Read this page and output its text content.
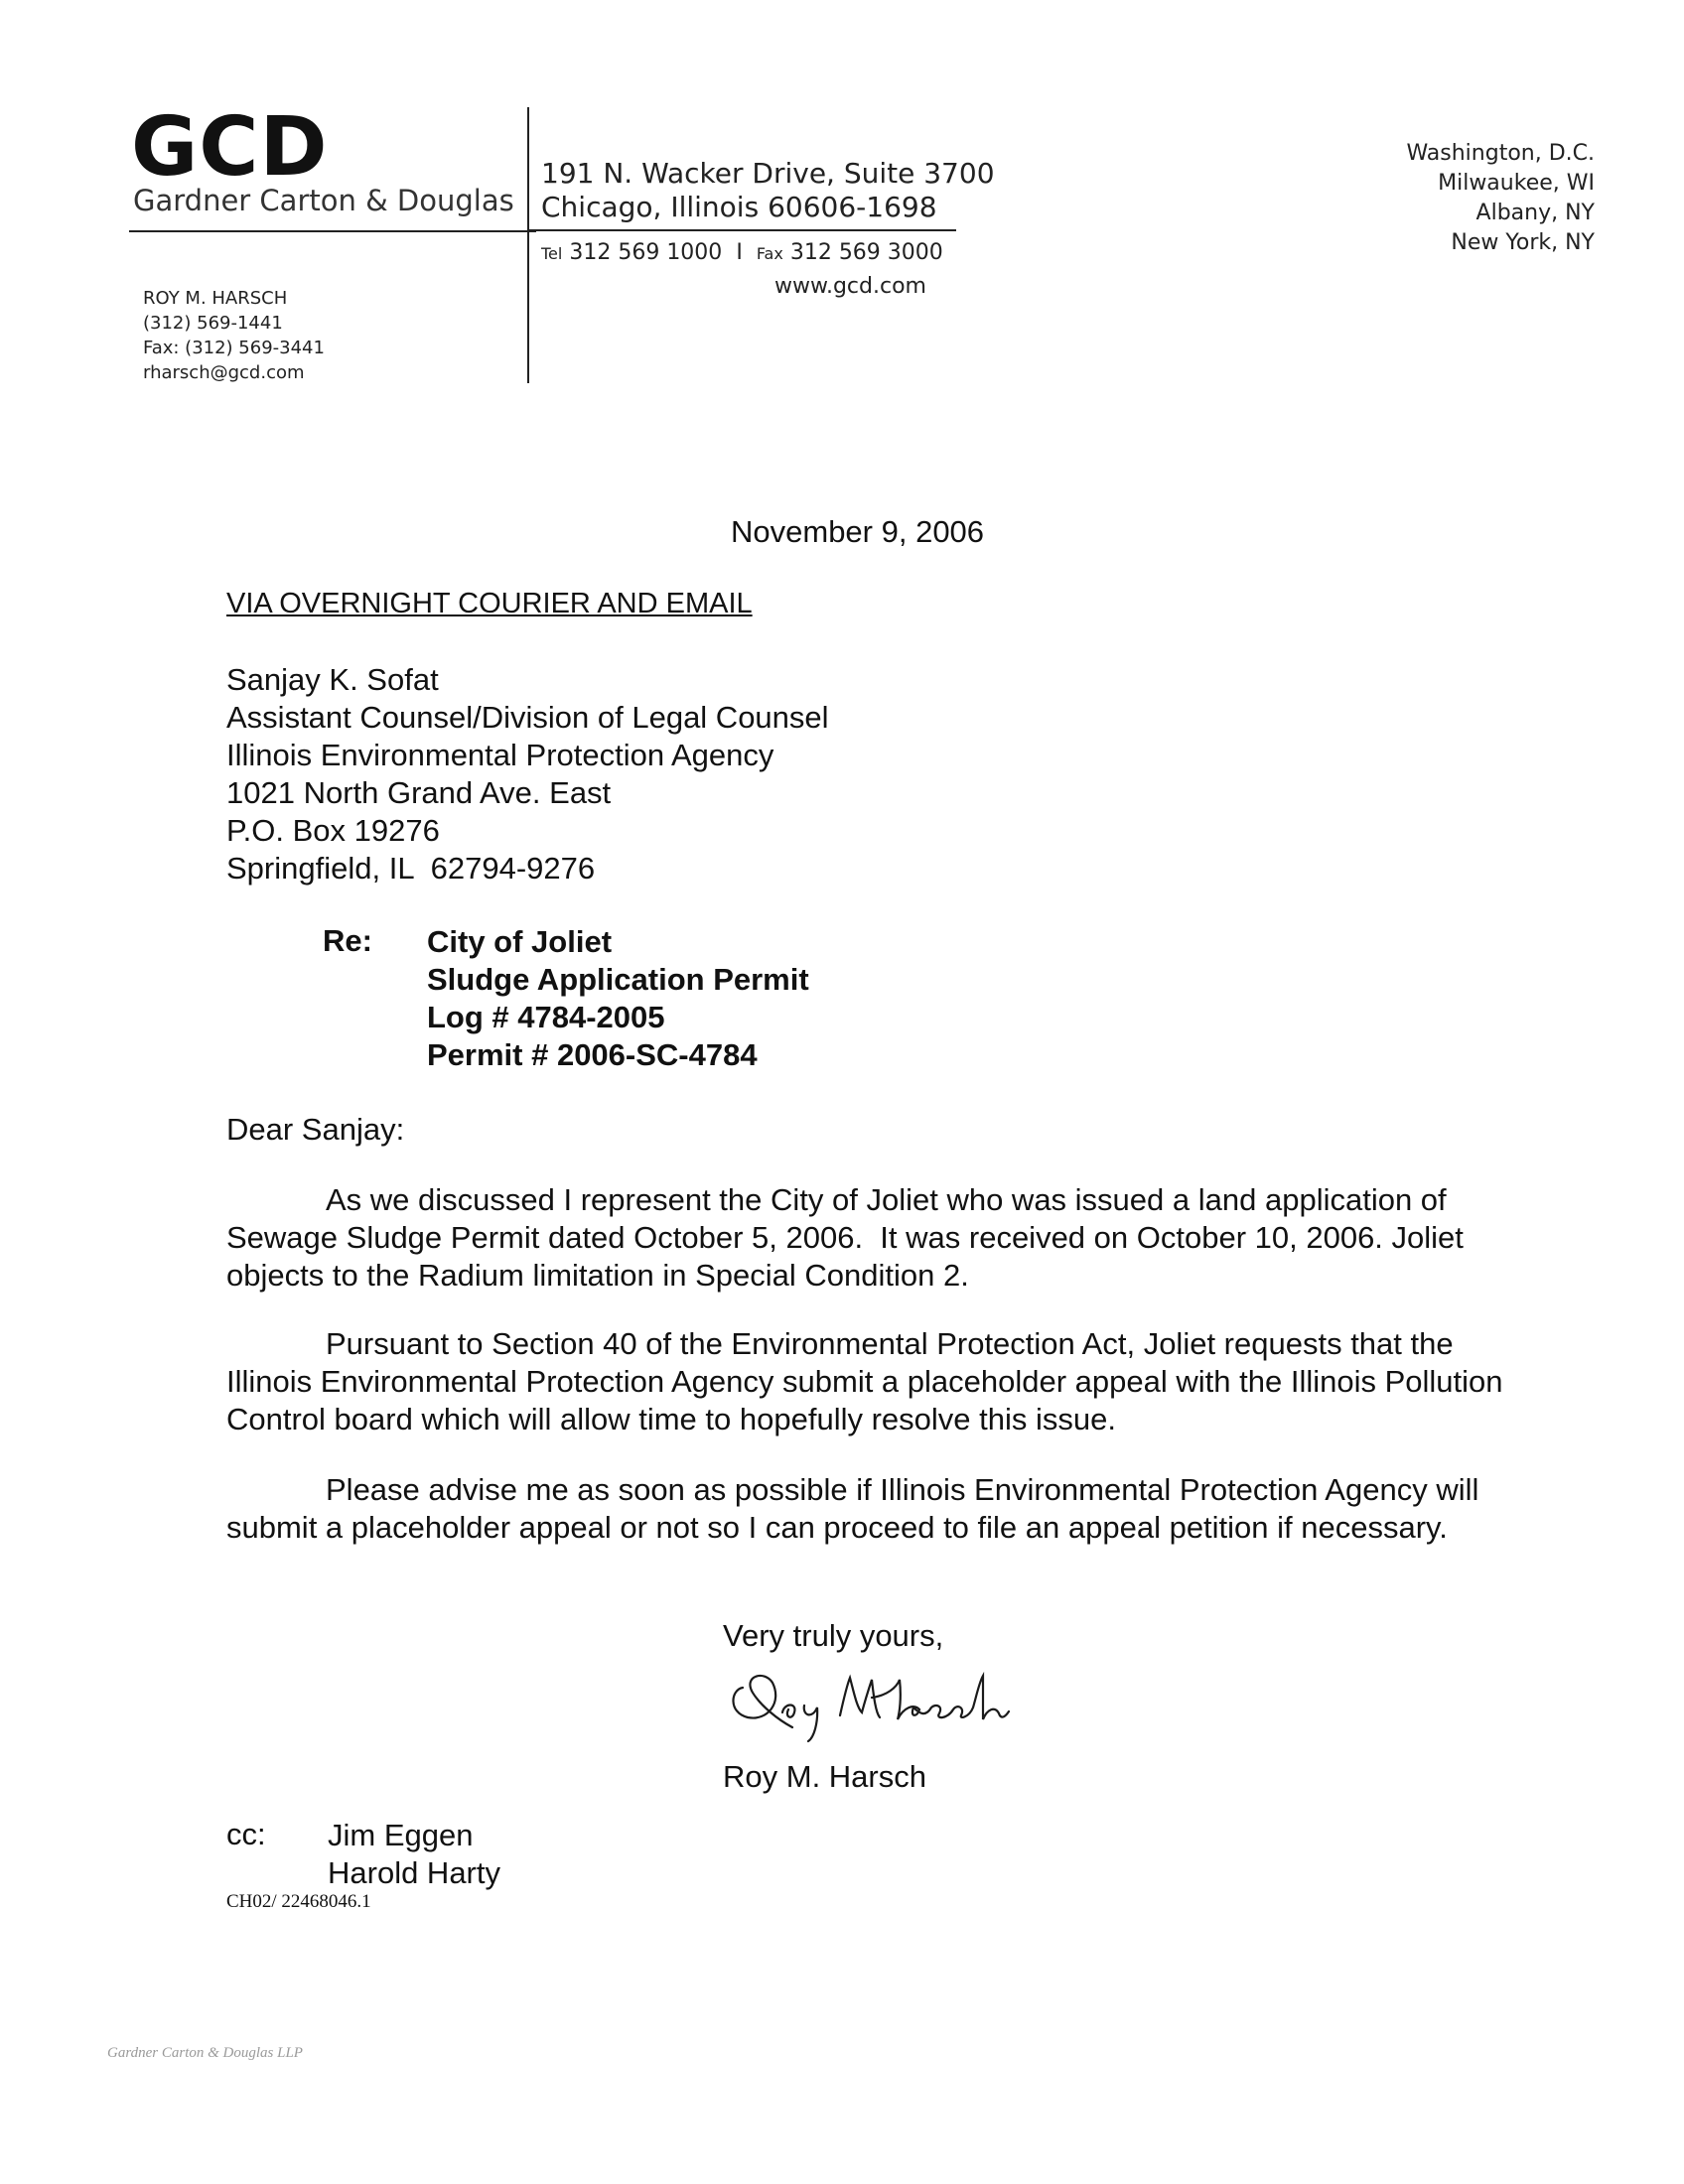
GCD
Gardner Carton & Douglas
191 N. Wacker Drive, Suite 3700
Chicago, Illinois 60606-1698
Tel 312 569 1000 I Fax 312 569 3000
www.gcd.com
Washington, D.C.
Milwaukee, WI
Albany, NY
New York, NY
ROY M. HARSCH
(312) 569-1441
Fax: (312) 569-3441
rharsch@gcd.com
November 9, 2006
VIA OVERNIGHT COURIER AND EMAIL
Sanjay K. Sofat
Assistant Counsel/Division of Legal Counsel
Illinois Environmental Protection Agency
1021 North Grand Ave. East
P.O. Box 19276
Springfield, IL  62794-9276
Re: City of Joliet
Sludge Application Permit
Log # 4784-2005
Permit # 2006-SC-4784
Dear Sanjay:
As we discussed I represent the City of Joliet who was issued a land application of Sewage Sludge Permit dated October 5, 2006.  It was received on October 10, 2006. Joliet objects to the Radium limitation in Special Condition 2.
Pursuant to Section 40 of the Environmental Protection Act, Joliet requests that the Illinois Environmental Protection Agency submit a placeholder appeal with the Illinois Pollution Control board which will allow time to hopefully resolve this issue.
Please advise me as soon as possible if Illinois Environmental Protection Agency will submit a placeholder appeal or not so I can proceed to file an appeal petition if necessary.
Very truly yours,
Roy M. Harsch
cc: Jim Eggen
Harold Harty
CH02/ 22468046.1
Gardner Carton & Douglas LLP
